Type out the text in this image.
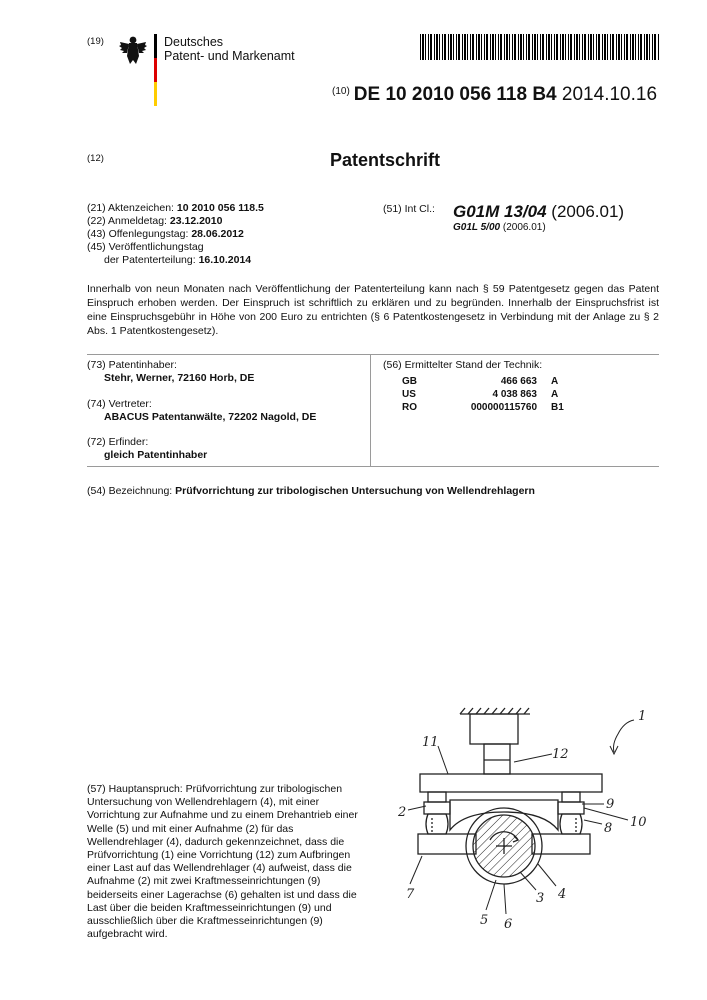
(19)	Deutsches
Patent- und Markenamt
$^{(10)}$ DE 10 2010 056 118 B4 2014.10.16
(12)	Patentschrift
(21) Aktenzeichen: 10 2010 056 118.5
(22) Anmeldetag: 23.12.2010
(43) Offenlegungstag: 28.06.2012
(45) Veröffentlichungstag
der Patenterteilung: 16.10.2014
(51) Int Cl.: G01M 13/04 (2006.01)
G01L 5/00 (2006.01)
Innerhalb von neun Monaten nach Veröffentlichung der Patenterteilung kann nach § 59 Patentgesetz gegen das Patent Einspruch erhoben werden. Der Einspruch ist schriftlich zu erklären und zu begründen. Innerhalb der Einspruchsfrist ist eine Einspruchsgebühr in Höhe von 200 Euro zu entrichten (§ 6 Patentkostengesetz in Verbindung mit der Anlage zu § 2 Abs. 1 Patentkostengesetz).
(73) Patentinhaber:
Stehr, Werner, 72160 Horb, DE
(74) Vertreter:
ABACUS Patentanwälte, 72202 Nagold, DE
(72) Erfinder:
gleich Patentinhaber
(56) Ermittelter Stand der Technik:
GB	466 663	A
US	4 038 863	A
RO	000000115760	B1
(54) Bezeichnung: Prüfvorrichtung zur tribologischen Untersuchung von Wellendrehlagern
(57) Hauptanspruch: Prüfvorrichtung zur tribologischen Untersuchung von Wellendrehlagern (4), mit einer Vorrichtung zur Aufnahme und zu einem Drehantrieb einer Welle (5) und mit einer Aufnahme (2) für das Wellendrehlager (4), dadurch gekennzeichnet, dass die Prüfvorrichtung (1) eine Vorrichtung (12) zum Aufbringen einer Last auf das Wellendrehlager (4) aufweist, dass die Aufnahme (2) mit zwei Kraftmesseinrichtungen (9) beiderseits einer Lagerachse (6) gehalten ist und dass die Last über die beiden Kraftmesseinrichtungen (9) und ausschließlich über die Kraftmesseinrichtungen (9) aufgebracht wird.
1
11
12
2
9
10
8
7	3 4
5 6
